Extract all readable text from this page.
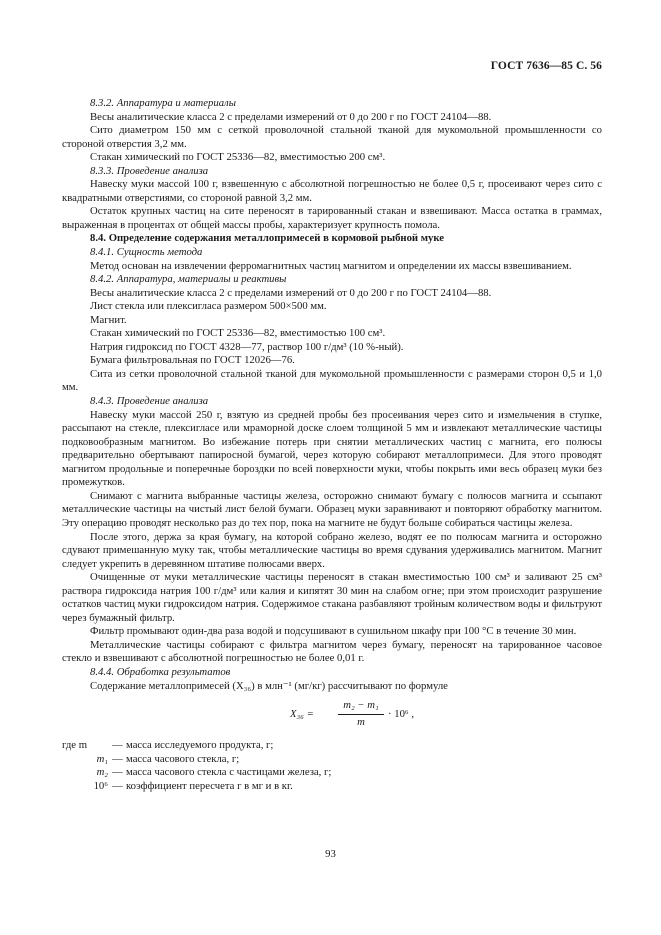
ГОСТ 7636—85 С. 56

8.3.2. Аппаратура и материалы

Весы аналитические класса 2 с пределами измерений от 0 до 200 г по ГОСТ 24104—88.

Сито диаметром 150 мм с сеткой проволочной стальной тканой для мукомольной промышленности со стороной отверстия 3,2 мм.

Стакан химический по ГОСТ 25336—82, вместимостью 200 см³.

8.3.3. Проведение анализа

Навеску муки массой 100 г, взвешенную с абсолютной погрешностью не более 0,5 г, просеивают через сито с квадратными отверстиями, со стороной равной 3,2 мм.

Остаток крупных частиц на сите переносят в тарированный стакан и взвешивают. Масса остатка в граммах, выраженная в процентах от общей массы пробы, характеризует крупность помола.

8.4. Определение содержания металлопримесей в кормовой рыбной муке

8.4.1. Сущность метода

Метод основан на извлечении ферромагнитных частиц магнитом и определении их массы взвешиванием.

8.4.2. Аппаратура, материалы и реактивы

Весы аналитические класса 2 с пределами измерений от 0 до 200 г по ГОСТ 24104—88.

Лист стекла или плексигласа размером 500×500 мм.

Магнит.

Стакан химический по ГОСТ 25336—82, вместимостью 100 см³.

Натрия гидроксид по ГОСТ 4328—77, раствор 100 г/дм³ (10 %-ный).

Бумага фильтровальная по ГОСТ 12026—76.

Сита из сетки проволочной стальной тканой для мукомольной промышленности с размерами сторон 0,5 и 1,0 мм.

8.4.3. Проведение анализа

Навеску муки массой 250 г, взятую из средней пробы без просеивания через сито и измельчения в ступке, рассыпают на стекле, плексигласе или мраморной доске слоем толщиной 5 мм и извлекают металлические частицы подковообразным магнитом. Во избежание потерь при снятии металлических частиц с магнита, его полюсы предварительно обертывают папиросной бумагой, через которую собирают металлопримеси. Для этого проводят магнитом продольные и поперечные бороздки по всей поверхности муки, чтобы покрыть ими весь образец муки без промежутков.

Снимают с магнита выбранные частицы железа, осторожно снимают бумагу с полюсов магнита и ссыпают металлические частицы на чистый лист белой бумаги. Образец муки заравнивают и повторяют обработку магнитом. Эту операцию проводят несколько раз до тех пор, пока на магните не будут больше собираться частицы железа.

После этого, держа за края бумагу, на которой собрано железо, водят ее по полюсам магнита и осторожно сдувают примешанную муку так, чтобы металлические частицы во время сдувания удерживались магнитом. Магнит следует укрепить в деревянном штативе полюсами вверх.

Очищенные от муки металлические частицы переносят в стакан вместимостью 100 см³ и заливают 25 см³ раствора гидроксида натрия 100 г/дм³ или калия и кипятят 30 мин на слабом огне; при этом происходит разрушение остатков частиц муки гидроксидом натрия. Содержимое стакана разбавляют тройным количеством воды и фильтруют через бумажный фильтр.

Фильтр промывают один-два раза водой и подсушивают в сушильном шкафу при 100 °С в течение 30 мин.

Металлические частицы собирают с фильтра магнитом через бумагу, переносят на тарированное часовое стекло и взвешивают с абсолютной погрешностью не более 0,01 г.

8.4.4. Обработка результатов

Содержание металлопримесей (X₃₆) в млн⁻¹ (мг/кг) рассчитывают по формуле

$X_{36} = \frac{\text{m₂ − m₁}}{m} \cdot 10^6$ ,
где m	— масса исследуемого продукта, г;
m₁ — масса часового стекла, г;
m₂ — масса часового стекла с частицами железа, г;
10⁶ — коэффициент пересчета г в мг и в кг.
93
